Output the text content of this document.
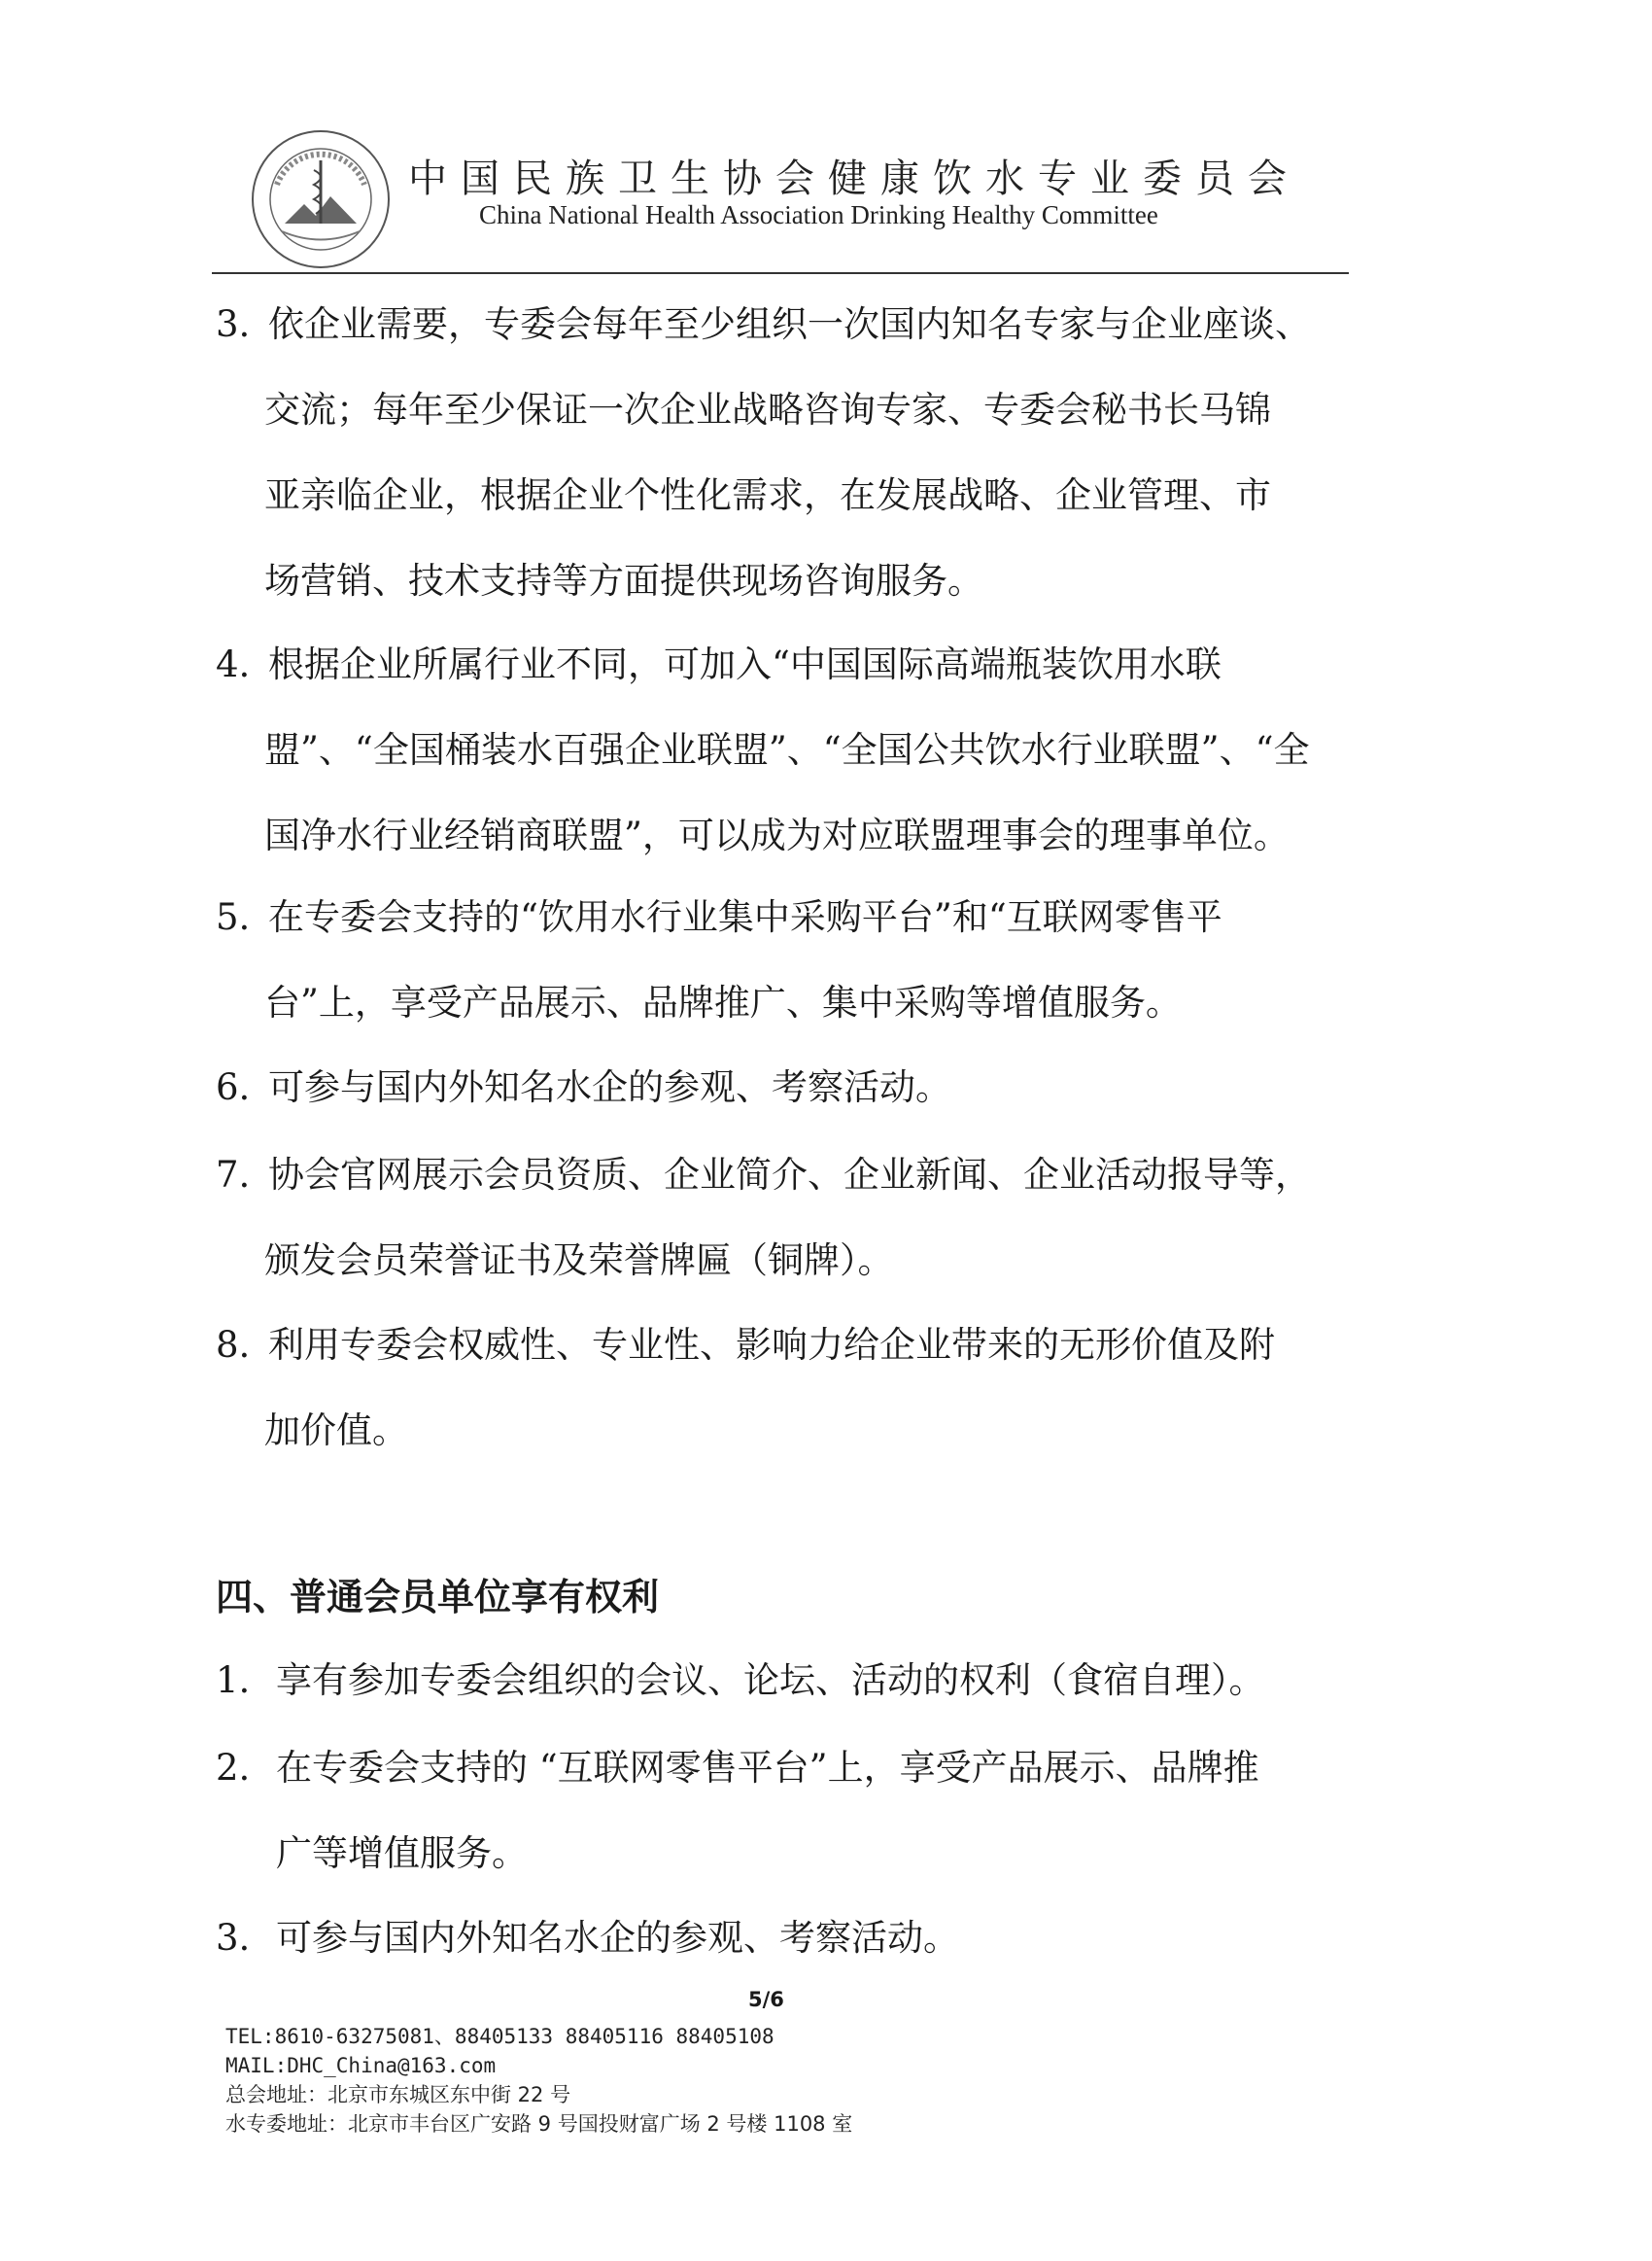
中国民族卫生协会健康饮水专业委员会
China National Health Association Drinking Healthy Committee
3. 依企业需要，专委会每年至少组织一次国内知名专家与企业座谈、
交流；每年至少保证一次企业战略咨询专家、专委会秘书长马锦
亚亲临企业，根据企业个性化需求，在发展战略、企业管理、市
场营销、技术支持等方面提供现场咨询服务。
4. 根据企业所属行业不同，可加入“中国国际高端瓶装饮用水联
盟”、“全国桶装水百强企业联盟”、“全国公共饮水行业联盟”、“全
国净水行业经销商联盟”，可以成为对应联盟理事会的理事单位。
5. 在专委会支持的“饮用水行业集中采购平台”和“互联网零售平
台”上，享受产品展示、品牌推广、集中采购等增值服务。
6. 可参与国内外知名水企的参观、考察活动。
7. 协会官网展示会员资质、企业简介、企业新闻、企业活动报导等，
颁发会员荣誉证书及荣誉牌匾（铜牌）。
8. 利用专委会权威性、专业性、影响力给企业带来的无形价值及附
加价值。
四、普通会员单位享有权利
1. 享有参加专委会组织的会议、论坛、活动的权利（食宿自理）。
2. 在专委会支持的 “互联网零售平台”上，享受产品展示、品牌推
广等增值服务。
3. 可参与国内外知名水企的参观、考察活动。
5/6
TEL:8610-63275081、88405133 88405116 88405108
MAIL:DHC_China@163.com
总会地址：北京市东城区东中街 22 号
水专委地址：北京市丰台区广安路 9 号国投财富广场 2 号楼 1108 室
